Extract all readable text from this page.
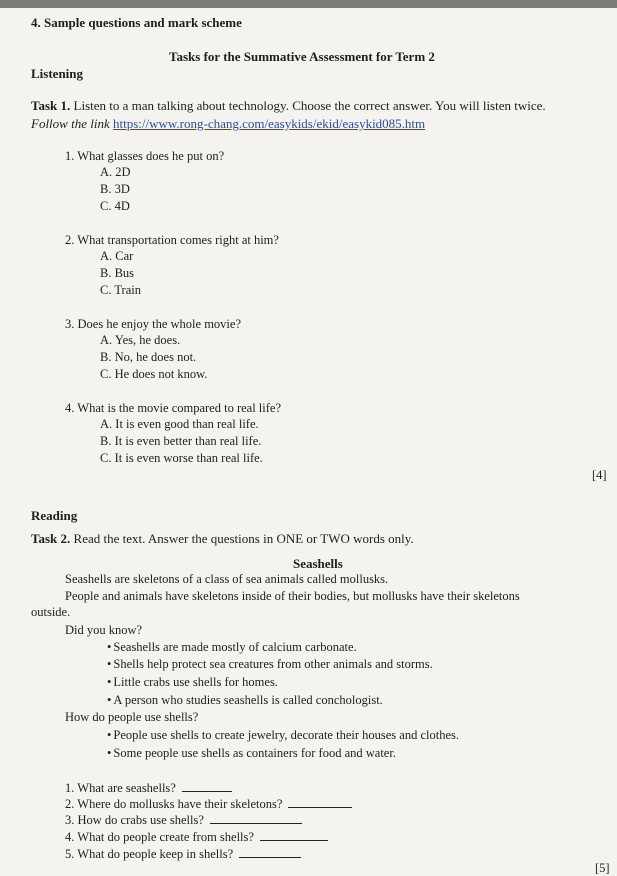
4. Sample questions and mark scheme
Tasks for the Summative Assessment for Term 2
Listening
Task 1. Listen to a man talking about technology. Choose the correct answer. You will listen twice.
Follow the link https://www.rong-chang.com/easykids/ekid/easykid085.htm
1. What glasses does he put on?
A. 2D
B. 3D
C. 4D
2. What transportation comes right at him?
A. Car
B. Bus
C. Train
3. Does he enjoy the whole movie?
A. Yes, he does.
B. No, he does not.
C. He does not know.
4. What is the movie compared to real life?
A. It is even good than real life.
B. It is even better than real life.
C. It is even worse than real life.
[4]
Reading
Task 2. Read the text. Answer the questions in ONE or TWO words only.
Seashells
Seashells are skeletons of a class of sea animals called mollusks.
People and animals have skeletons inside of their bodies, but mollusks have their skeletons
outside.
Did you know?
• Seashells are made mostly of calcium carbonate.
• Shells help protect sea creatures from other animals and storms.
• Little crabs use shells for homes.
• A person who studies seashells is called conchologist.
How do people use shells?
• People use shells to create jewelry, decorate their houses and clothes.
• Some people use shells as containers for food and water.
1. What are seashells?
2. Where do mollusks have their skeletons?
3. How do crabs use shells?
4. What do people create from shells?
5. What do people keep in shells?
[5]
